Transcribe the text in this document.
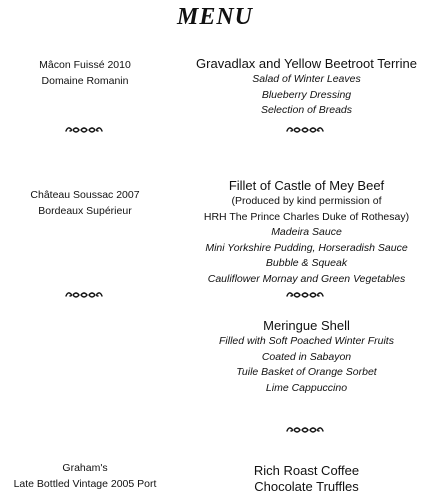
MENU
Mâcon Fuissé 2010
Domaine Romanin
Château Soussac 2007
Bordeaux Supérieur
Graham's
Late Bottled Vintage 2005 Port
Gravadlax and Yellow Beetroot Terrine
Salad of Winter Leaves
Blueberry Dressing
Selection of Breads
Fillet of Castle of Mey Beef
(Produced by kind permission of
HRH The Prince Charles Duke of Rothesay)
Madeira Sauce
Mini Yorkshire Pudding, Horseradish Sauce
Bubble & Squeak
Cauliflower Mornay and Green Vegetables
Meringue Shell
Filled with Soft Poached Winter Fruits
Coated in Sabayon
Tuile Basket of Orange Sorbet
Lime Cappuccino
Rich Roast Coffee
Chocolate Truffles
